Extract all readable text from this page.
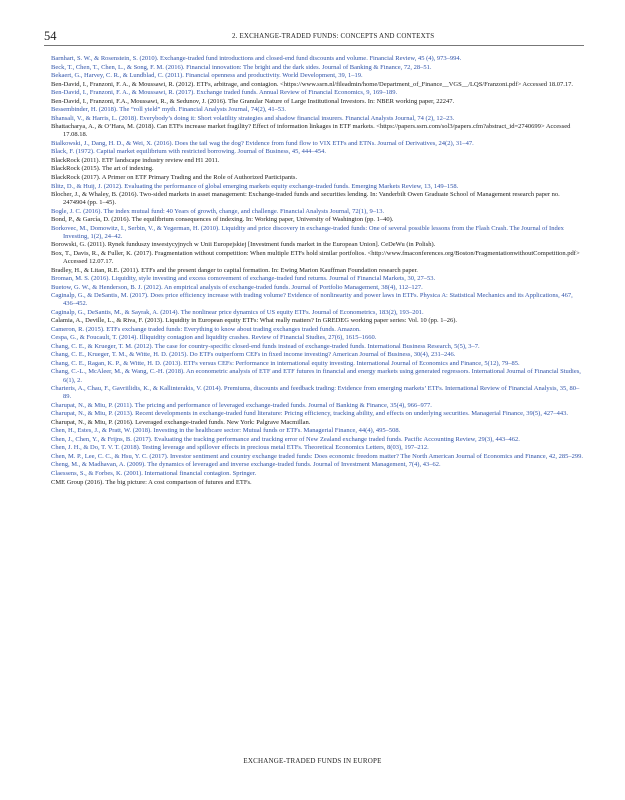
54	2. EXCHANGE-TRADED FUNDS: CONCEPTS AND CONTEXTS

Barnhart, S. W., & Rosenstein, S. (2010). Exchange-traded fund introductions and closed-end fund discounts and volume. Financial Review, 45 (4), 973–994.

Beck, T., Chen, T., Chen, L., & Song, F. M. (2016). Financial innovation: The bright and the dark sides. Journal of Banking & Finance, 72, 28–51.

Bekaert, G., Harvey, C. R., & Lundblad, C. (2011). Financial openness and productivity. World Development, 39, 1–19.

Ben-David, I., Franzoni, F. A., & Moussawi, R. (2012). ETFs, arbitrage, and contagion. <https://www.ssrn.nl/fileadmin/home/Department_of_Finance__VGS__/LQS/Franzoni.pdf> Accessed 18.07.17.

Ben-David, I., Franzoni, F. A., & Moussawi, R. (2017). Exchange traded funds. Annual Review of Financial Economics, 9, 169–189.

Ben-David, I., Franzoni, F.A., Moussawi, R., & Sedunov, J. (2016). The Granular Nature of Large Institutional Investors. In: NBER working paper, 22247.

Bessembinder, H. (2018). The “roll yield” myth. Financial Analysts Journal, 74(2), 41–53.

Bhansali, V., & Harris, L. (2018). Everybody’s doing it: Short volatility strategies and shadow financial insurers. Financial Analysts Journal, 74 (2), 12–23.

Bhattacharya, A., & O’Hara, M. (2018). Can ETFs increase market fragility? Effect of information linkages in ETF markets. <https://papers.ssrn.com/sol3/papers.cfm?abstract_id=2740699> Accessed 17.08.18.

Bialkowski, J., Dang, H. D., & Wei, X. (2016). Does the tail wag the dog? Evidence from fund flow to VIX ETFs and ETNs. Journal of Derivatives, 24(2), 31–47.

Black, F. (1972). Capital market equilibrium with restricted borrowing. Journal of Business, 45, 444–454.

BlackRock (2011). ETF landscape industry review end H1 2011.

BlackRock (2015). The art of indexing.

BlackRock (2017). A Primer on ETF Primary Trading and the Role of Authorized Participants.

Blitz, D., & Huij, J. (2012). Evaluating the performance of global emerging markets equity exchange-traded funds. Emerging Markets Review, 13, 149–158.

Blocher, J., & Whaley, B. (2016). Two-sided markets in asset management: Exchange-traded funds and securities lending. In: Vanderbilt Owen Graduate School of Management research paper no. 2474904 (pp. 1–45).

Bogle, J. C. (2016). The index mutual fund: 40 Years of growth, change, and challenge. Financial Analysts Journal, 72(1), 9–13.

Bond, P., & García, D. (2016). The equilibrium consequences of indexing. In: Working paper, University of Washington (pp. 1–40).

Borkovec, M., Domowitz, I., Serbin, V., & Yegerman, H. (2010). Liquidity and price discovery in exchange-traded funds: One of several possible lessons from the Flash Crash. The Journal of Index Investing, 1(2), 24–42.

Borowski, G. (2011). Rynek funduszy inwestycyjnych w Unii Europejskiej [Investment funds market in the European Union]. CeDeWu (in Polish).

Box, T., Davis, R., & Fuller, K. (2017). Fragmentation without competition: When multiple ETFs hold similar portfolios. <http://www.fmaconferences.org/Boston/FragmentationwithoutCompetition.pdf> Accessed 12.07.17.

Bradley, H., & Litan, R.E. (2011). ETFs and the present danger to capital formation. In: Ewing Marion Kauffman Foundation research paper.

Broman, M. S. (2016). Liquidity, style investing and excess comovement of exchange-traded fund returns. Journal of Financial Markets, 30, 27–53.

Buetow, G. W., & Henderson, B. J. (2012). An empirical analysis of exchange-traded funds. Journal of Portfolio Management, 38(4), 112–127.

Caginalp, G., & DeSantis, M. (2017). Does price efficiency increase with trading volume? Evidence of nonlinearity and power laws in ETFs. Physica A: Statistical Mechanics and its Applications, 467, 436–452.

Caginalp, G., DeSantis, M., & Sayrak, A. (2014). The nonlinear price dynamics of US equity ETFs. Journal of Econometrics, 183(2), 193–201.

Calamia, A., Deville, L., & Riva, F. (2013). Liquidity in European equity ETFs: What really matters? In GREDEG working paper series: Vol. 10 (pp. 1–26).

Cameron, R. (2015). ETFs exchange traded funds: Everything to know about trading exchanges traded funds. Amazon.

Cespa, G., & Foucault, T. (2014). Illiquidity contagion and liquidity crashes. Review of Financial Studies, 27(6), 1615–1660.

Chang, C. E., & Krueger, T. M. (2012). The case for country-specific closed-end funds instead of exchange-traded funds. International Business Research, 5(5), 3–7.

Chang, C. E., Krueger, T. M., & Witte, H. D. (2015). Do ETFs outperform CEFs in fixed income investing? American Journal of Business, 30(4), 231–246.

Chang, C. E., Ragan, K. P., & Witte, H. D. (2013). ETFs versus CEFs: Performance in international equity investing. International Journal of Economics and Finance, 5(12), 79–85.

Chang, C.-L., McAleer, M., & Wang, C.-H. (2018). An econometric analysis of ETF and ETF futures in financial and energy markets using generated regressors. International Journal of Financial Studies, 6(1), 2.

Charteris, A., Chau, F., Gavriilidis, K., & Kallinterakis, V. (2014). Premiums, discounts and feedback trading: Evidence from emerging markets’ ETFs. International Review of Financial Analysis, 35, 80–89.

Charupat, N., & Miu, P. (2011). The pricing and performance of leveraged exchange-traded funds. Journal of Banking & Finance, 35(4), 966–977.

Charupat, N., & Miu, P. (2013). Recent developments in exchange-traded fund literature: Pricing efficiency, tracking ability, and effects on underlying securities. Managerial Finance, 39(5), 427–443.

Charupat, N., & Miu, P. (2016). Leveraged exchange-traded funds. New York: Palgrave Macmillan.

Chen, H., Estes, J., & Pratt, W. (2018). Investing in the healthcare sector: Mutual funds or ETFs. Managerial Finance, 44(4), 495–508.

Chen, J., Chen, Y., & Frijns, B. (2017). Evaluating the tracking performance and tracking error of New Zealand exchange traded funds. Pacific Accounting Review, 29(3), 443–462.

Chen, J. H., & Do, T. V. T. (2018). Testing leverage and spillover effects in precious metal ETFs. Theoretical Economics Letters, 8(03), 197–212.

Chen, M. P., Lee, C. C., & Hsu, Y. C. (2017). Investor sentiment and country exchange traded funds: Does economic freedom matter? The North American Journal of Economics and Finance, 42, 285–299.

Cheng, M., & Madhavan, A. (2009). The dynamics of leveraged and inverse exchange-traded funds. Journal of Investment Management, 7(4), 43–62.

Claessens, S., & Forbes, K. (2001). International financial contagion. Springer.

CME Group (2016). The big picture: A cost comparison of futures and ETFs.

EXCHANGE-TRADED FUNDS IN EUROPE
